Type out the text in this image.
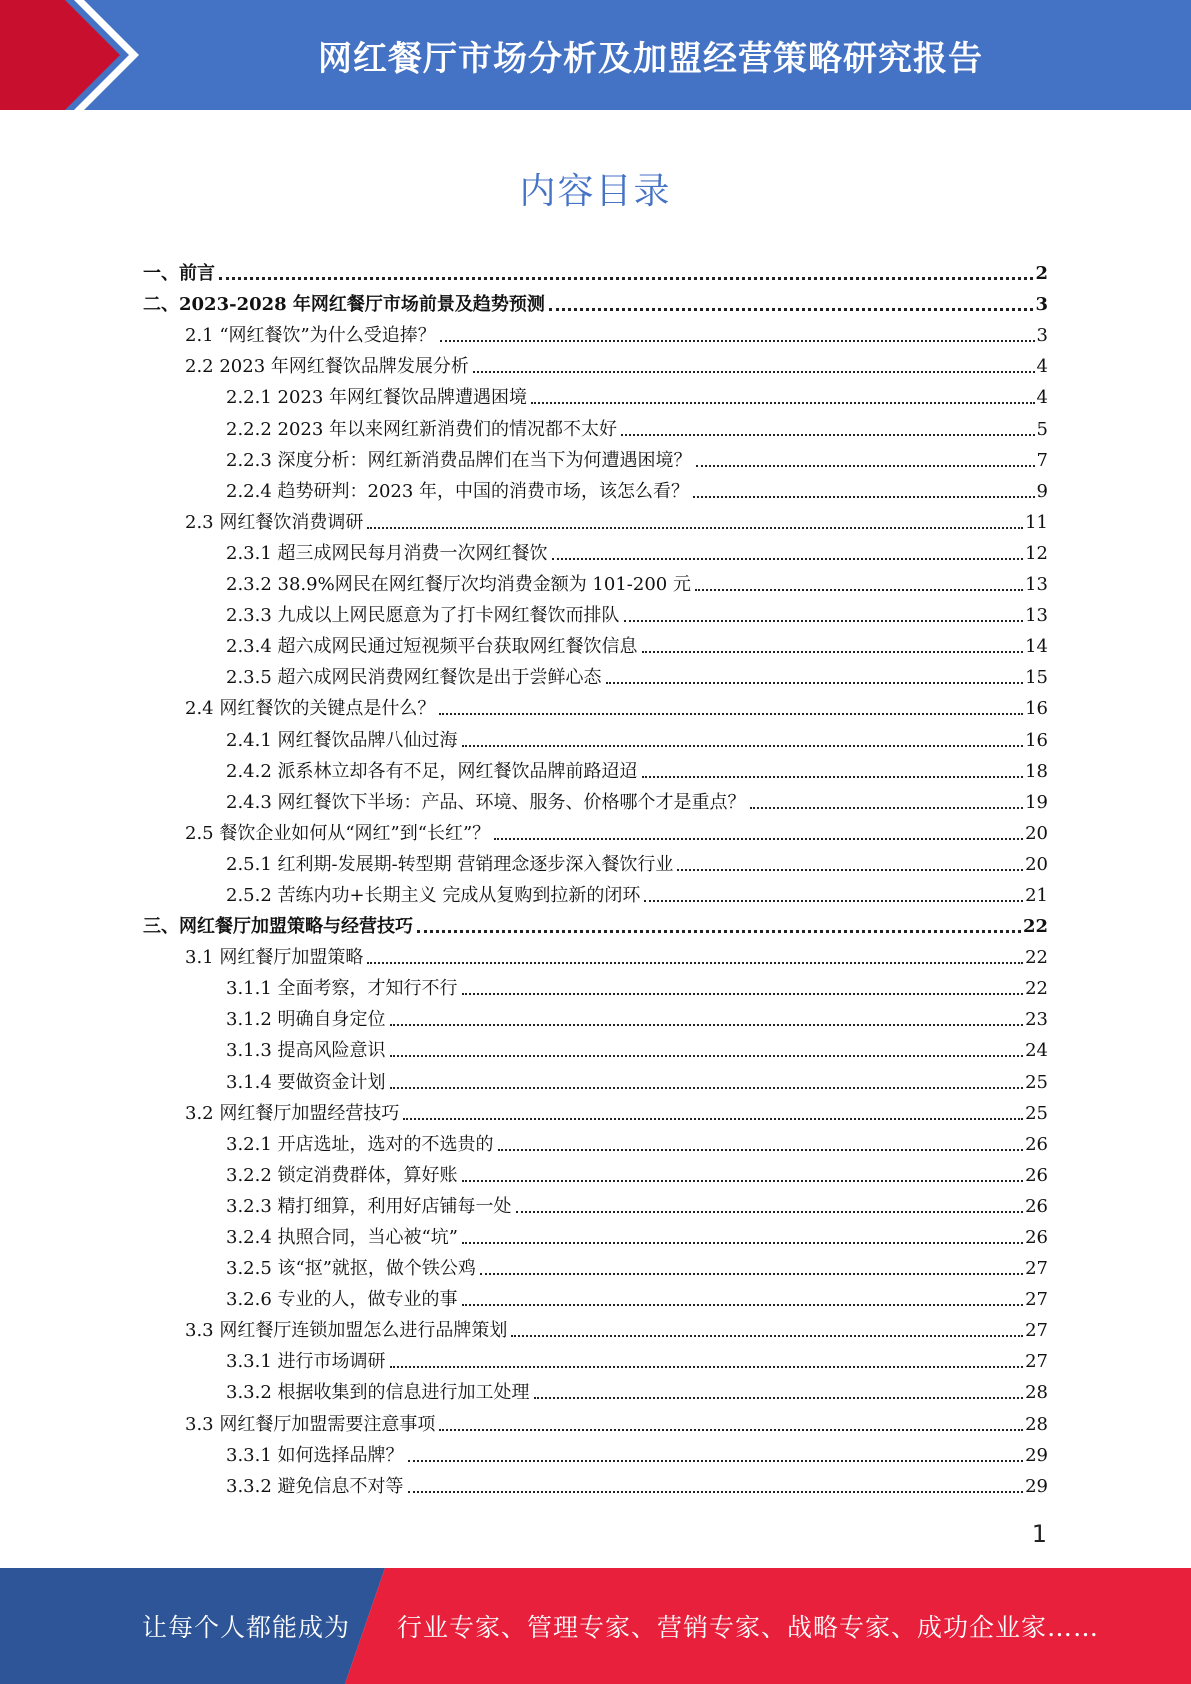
网红餐厅市场分析及加盟经营策略研究报告
内容目录
一、前言	2
二、2023-2028 年网红餐厅市场前景及趋势预测	3
2.1 “网红餐饮”为什么受追捧？	3
2.2 2023 年网红餐饮品牌发展分析	4
2.2.1 2023 年网红餐饮品牌遭遇困境	4
2.2.2 2023 年以来网红新消费们的情况都不太好	5
2.2.3 深度分析：网红新消费品牌们在当下为何遭遇困境？	7
2.2.4 趋势研判：2023 年，中国的消费市场，该怎么看？	9
2.3 网红餐饮消费调研	11
2.3.1 超三成网民每月消费一次网红餐饮	12
2.3.2 38.9%网民在网红餐厅次均消费金额为 101-200 元	13
2.3.3 九成以上网民愿意为了打卡网红餐饮而排队	13
2.3.4 超六成网民通过短视频平台获取网红餐饮信息	14
2.3.5 超六成网民消费网红餐饮是出于尝鲜心态	15
2.4 网红餐饮的关键点是什么？	16
2.4.1 网红餐饮品牌八仙过海	16
2.4.2 派系林立却各有不足，网红餐饮品牌前路迢迢	18
2.4.3 网红餐饮下半场：产品、环境、服务、价格哪个才是重点？	19
2.5 餐饮企业如何从“网红”到“长红”？	20
2.5.1 红利期-发展期-转型期 营销理念逐步深入餐饮行业	20
2.5.2 苦练内功+长期主义 完成从复购到拉新的闭环	21
三、网红餐厅加盟策略与经营技巧	22
3.1 网红餐厅加盟策略	22
3.1.1 全面考察，才知行不行	22
3.1.2 明确自身定位	23
3.1.3 提高风险意识	24
3.1.4 要做资金计划	25
3.2 网红餐厅加盟经营技巧	25
3.2.1 开店选址，选对的不选贵的	26
3.2.2 锁定消费群体，算好账	26
3.2.3 精打细算，利用好店铺每一处	26
3.2.4 执照合同，当心被“坑”	26
3.2.5 该“抠”就抠，做个铁公鸡	27
3.2.6 专业的人，做专业的事	27
3.3 网红餐厅连锁加盟怎么进行品牌策划	27
3.3.1 进行市场调研	27
3.3.2 根据收集到的信息进行加工处理	28
3.3 网红餐厅加盟需要注意事项	28
3.3.1 如何选择品牌？	29
3.3.2 避免信息不对等	29
1
让每个人都能成为 行业专家、管理专家、营销专家、战略专家、成功企业家……
